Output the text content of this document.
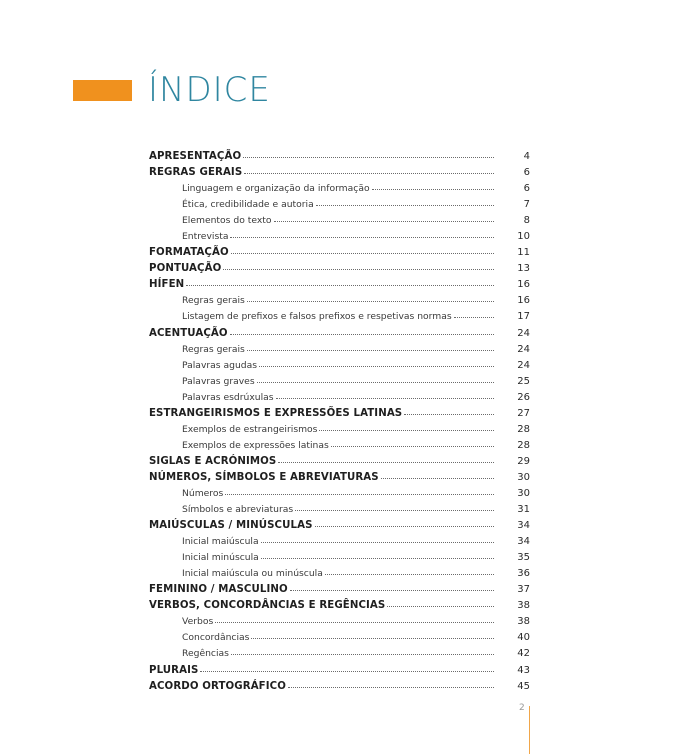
ÍNDICE
APRESENTAÇÃO	4
REGRAS GERAIS	6
Linguagem e organização da informação	6
Ética, credibilidade e autoria	7
Elementos do texto	8
Entrevista	10
FORMATAÇÃO	11
PONTUAÇÃO	13
HÍFEN	16
Regras gerais	16
Listagem de prefixos e falsos prefixos e respetivas normas	17
ACENTUAÇÃO	24
Regras gerais	24
Palavras agudas	24
Palavras graves	25
Palavras esdrúxulas	26
ESTRANGEIRISMOS E EXPRESSÕES LATINAS	27
Exemplos de estrangeirismos	28
Exemplos de expressões latinas	28
SIGLAS E ACRÓNIMOS	29
NÚMEROS, SÍMBOLOS E ABREVIATURAS	30
Números	30
Símbolos e abreviaturas	31
MAIÚSCULAS / MINÚSCULAS	34
Inicial maiúscula	34
Inicial minúscula	35
Inicial maiúscula ou minúscula	36
FEMININO / MASCULINO	37
VERBOS, CONCORDÂNCIAS E REGÊNCIAS	38
Verbos	38
Concordâncias	40
Regências	42
PLURAIS	43
ACORDO ORTOGRÁFICO	45
2
